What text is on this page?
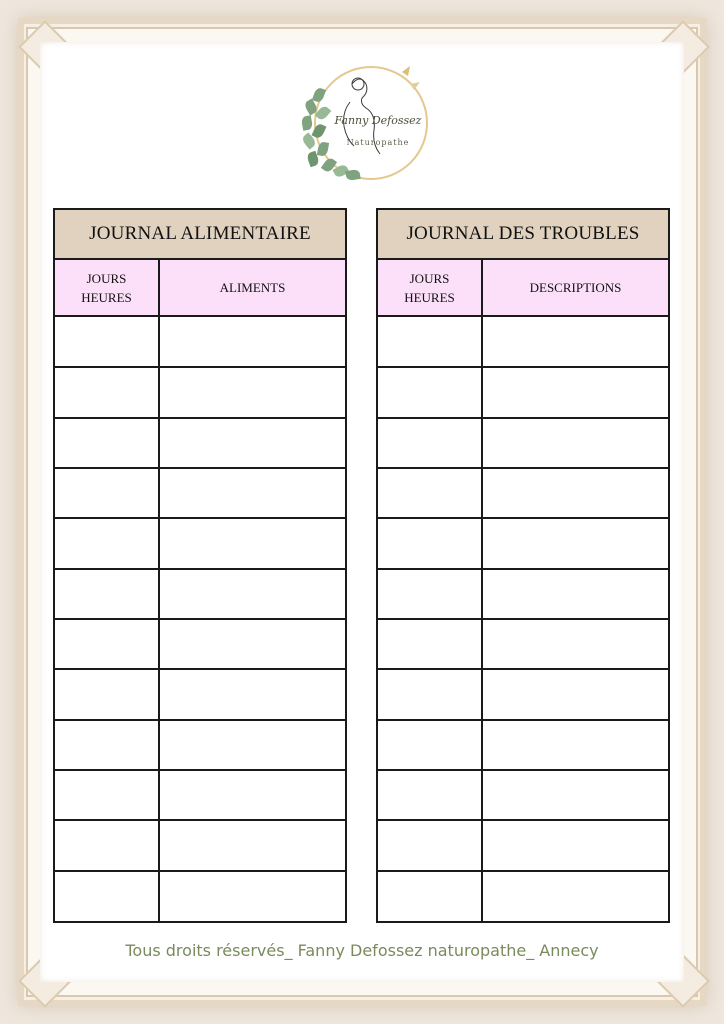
Fanny Defossez
Naturopathe
JOURNAL ALIMENTAIRE
JOURS
HEURES
ALIMENTS
JOURNAL DES TROUBLES
JOURS
HEURES
DESCRIPTIONS
Tous droits réservés_ Fanny Defossez naturopathe_ Annecy
